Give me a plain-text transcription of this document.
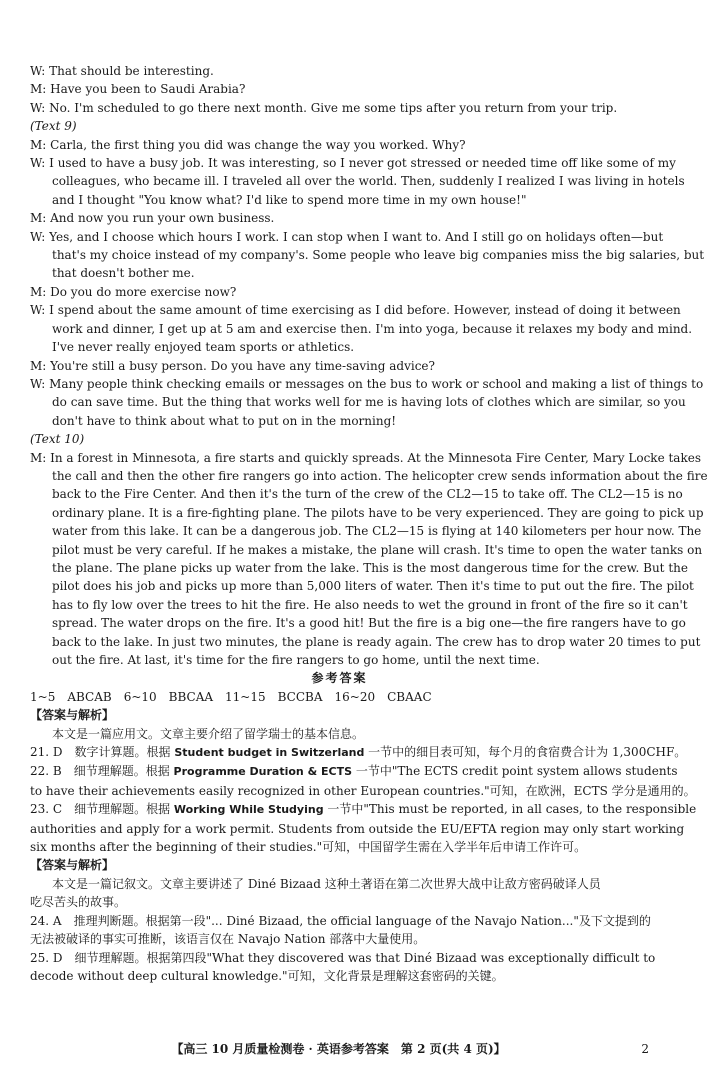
W: That should be interesting.
M: Have you been to Saudi Arabia?
W: No. I'm scheduled to go there next month. Give me some tips after you return from your trip.
(Text 9)
M: Carla, the first thing you did was change the way you worked. Why?
W: I used to have a busy job. It was interesting, so I never got stressed or needed time off like some of my
colleagues, who became ill. I traveled all over the world. Then, suddenly I realized I was living in hotels
and I thought "You know what? I'd like to spend more time in my own house!"
M: And now you run your own business.
W: Yes, and I choose which hours I work. I can stop when I want to. And I still go on holidays often—but
that's my choice instead of my company's. Some people who leave big companies miss the big salaries, but
that doesn't bother me.
M: Do you do more exercise now?
W: I spend about the same amount of time exercising as I did before. However, instead of doing it between
work and dinner, I get up at 5 am and exercise then. I'm into yoga, because it relaxes my body and mind.
I've never really enjoyed team sports or athletics.
M: You're still a busy person. Do you have any time-saving advice?
W: Many people think checking emails or messages on the bus to work or school and making a list of things to
do can save time. But the thing that works well for me is having lots of clothes which are similar, so you
don't have to think about what to put on in the morning!
(Text 10)
M: In a forest in Minnesota, a fire starts and quickly spreads. At the Minnesota Fire Center, Mary Locke takes
the call and then the other fire rangers go into action. The helicopter crew sends information about the fire
back to the Fire Center. And then it's the turn of the crew of the CL2—15 to take off. The CL2—15 is no
ordinary plane. It is a fire-fighting plane. The pilots have to be very experienced. They are going to pick up
water from this lake. It can be a dangerous job. The CL2—15 is flying at 140 kilometers per hour now. The
pilot must be very careful. If he makes a mistake, the plane will crash. It's time to open the water tanks on
the plane. The plane picks up water from the lake. This is the most dangerous time for the crew. But the
pilot does his job and picks up more than 5,000 liters of water. Then it's time to put out the fire. The pilot
has to fly low over the trees to hit the fire. He also needs to wet the ground in front of the fire so it can't
spread. The water drops on the fire. It's a good hit! But the fire is a big one—the fire rangers have to go
back to the lake. In just two minutes, the plane is ready again. The crew has to drop water 20 times to put
out the fire. At last, it's time for the fire rangers to go home, until the next time.
参考答案
1~5　ABCAB　6~10　BBCAA　11~15　BCCBA　16~20　CBAAC
【答案与解析】
本文是一篇应用文。文章主要介绍了留学瑞士的基本信息。
21. D　数字计算题。根据 Student budget in Switzerland 一节中的细目表可知，每个月的食宿费合计为 1,300CHF。
22. B　细节理解题。根据 Programme Duration & ECTS 一节中"The ECTS credit point system allows students
to have their achievements easily recognized in other European countries."可知，在欧洲，ECTS 学分是通用的。
23. C　细节理解题。根据 Working While Studying 一节中"This must be reported, in all cases, to the responsible
authorities and apply for a work permit. Students from outside the EU/EFTA region may only start working
six months after the beginning of their studies."可知，中国留学生需在入学半年后申请工作许可。
【答案与解析】
本文是一篇记叙文。文章主要讲述了 Diné Bizaad 这种土著语在第二次世界大战中让敌方密码破译人员
吃尽苦头的故事。
24. A　推理判断题。根据第一段"... Diné Bizaad, the official language of the Navajo Nation..."及下文提到的
无法被破译的事实可推断，该语言仅在 Navajo Nation 部落中大量使用。
25. D　细节理解题。根据第四段"What they discovered was that Diné Bizaad was exceptionally difficult to
decode without deep cultural knowledge."可知，文化背景是理解这套密码的关键。
【高三 10 月质量检测卷 · 英语参考答案　第 2 页(共 4 页)】	2
